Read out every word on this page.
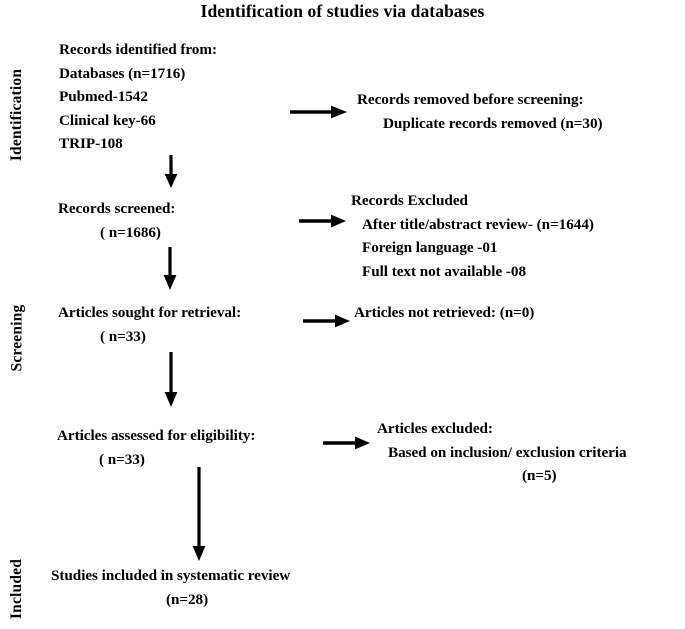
Identification of studies via databases
Identification
Screening
Included
Records identified from:
Databases (n=1716)
Pubmed-1542
Clinical key-66
TRIP-108
Records removed before screening:
Duplicate records removed (n=30)
Records screened:
( n=1686)
Records Excluded
After title/abstract review- (n=1644)
Foreign language -01
Full text not available -08
Articles sought for retrieval:
( n=33)
Articles not retrieved: (n=0)
Articles assessed for eligibility:
( n=33)
Articles excluded:
Based on inclusion/ exclusion criteria
(n=5)
Studies included in systematic review
(n=28)
